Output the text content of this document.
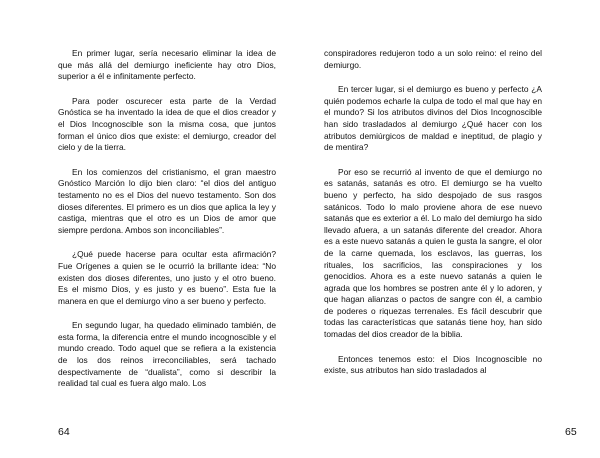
En primer lugar, sería necesario eliminar la idea de que más allá del demiurgo ineficiente hay otro Dios, superior a él e infinitamente perfecto.

Para poder oscurecer esta parte de la Verdad Gnóstica se ha inventado la idea de que el dios creador y el Dios Incognoscible son la misma cosa, que juntos forman el único dios que existe: el demiurgo, creador del cielo y de la tierra.

En los comienzos del cristianismo, el gran maestro Gnóstico Marción lo dijo bien claro: “el dios del antiguo testamento no es el Dios del nuevo testamento. Son dos dioses diferentes. El primero es un dios que aplica la ley y castiga, mientras que el otro es un Dios de amor que siempre perdona. Ambos son inconciliables”.

¿Qué puede hacerse para ocultar esta afirmación? Fue Orígenes a quien se le ocurrió la brillante idea: “No existen dos dioses diferentes, uno justo y el otro bueno. Es el mismo Dios, y es justo y es bueno”. Esta fue la manera en que el demiurgo vino a ser bueno y perfecto.

En segundo lugar, ha quedado eliminado también, de esta forma, la diferencia entre el mundo incognoscible y el mundo creado. Todo aquel que se refiera a la existencia de los dos reinos irreconciliables, será tachado despectivamente de “dualista”, como si describir la realidad tal cual es fuera algo malo. Los

64

conspiradores redujeron todo a un solo reino: el reino del demiurgo.

En tercer lugar, si el demiurgo es bueno y perfecto ¿A quién podemos echarle la culpa de todo el mal que hay en el mundo? Si los atributos divinos del Dios Incognoscible han sido trasladados al demiurgo ¿Qué hacer con los atributos demiúrgicos de maldad e ineptitud, de plagio y de mentira?

Por eso se recurrió al invento de que el demiurgo no es satanás, satanás es otro. El demiurgo se ha vuelto bueno y perfecto, ha sido despojado de sus rasgos satánicos. Todo lo malo proviene ahora de ese nuevo satanás que es exterior a él. Lo malo del demiurgo ha sido llevado afuera, a un satanás diferente del creador. Ahora es a este nuevo satanás a quien le gusta la sangre, el olor de la carne quemada, los esclavos, las guerras, los rituales, los sacrificios, las conspiraciones y los genocidios. Ahora es a este nuevo satanás a quien le agrada que los hombres se postren ante él y lo adoren, y que hagan alianzas o pactos de sangre con él, a cambio de poderes o riquezas terrenales. Es fácil descubrir que todas las características que satanás tiene hoy, han sido tomadas del dios creador de la biblia.

Entonces tenemos esto: el Dios Incognoscible no existe, sus atributos han sido trasladados al

65
